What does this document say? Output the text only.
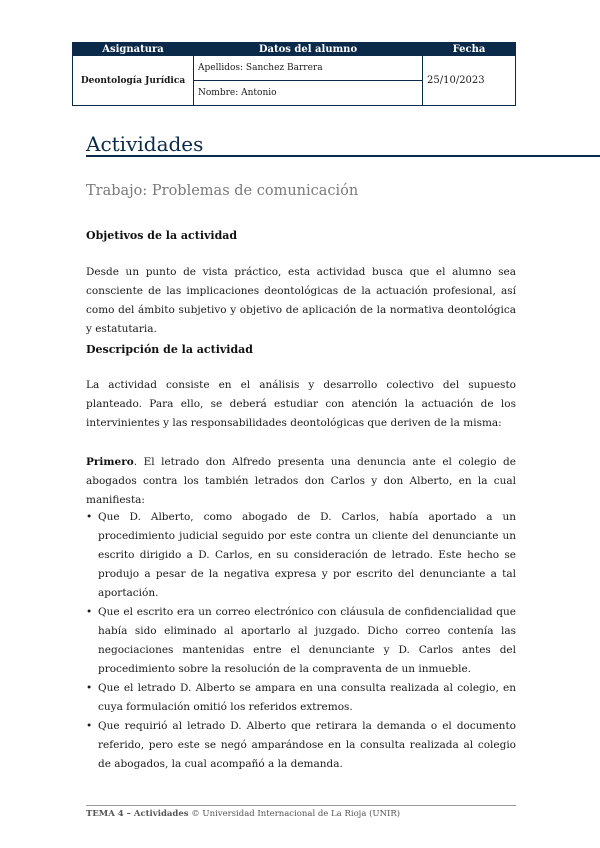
Asignatura	Datos del alumno	Fecha
Deontología Jurídica	Apellidos: Sanchez Barrera	25/10/2023
	Nombre: Antonio	
Actividades
Trabajo: Problemas de comunicación
Objetivos de la actividad

Desde un punto de vista práctico, esta actividad busca que el alumno sea consciente de las implicaciones deontológicas de la actuación profesional, así como del ámbito subjetivo y objetivo de aplicación de la normativa deontológica y estatutaria.

Descripción de la actividad

La actividad consiste en el análisis y desarrollo colectivo del supuesto planteado. Para ello, se deberá estudiar con atención la actuación de los intervinientes y las responsabilidades deontológicas que deriven de la misma:

Primero. El letrado don Alfredo presenta una denuncia ante el colegio de abogados contra los también letrados don Carlos y don Alberto, en la cual manifiesta:

• Que D. Alberto, como abogado de D. Carlos, había aportado a un procedimiento judicial seguido por este contra un cliente del denunciante un escrito dirigido a D. Carlos, en su consideración de letrado. Este hecho se produjo a pesar de la negativa expresa y por escrito del denunciante a tal aportación.
• Que el escrito era un correo electrónico con cláusula de confidencialidad que había sido eliminado al aportarlo al juzgado. Dicho correo contenía las negociaciones mantenidas entre el denunciante y D. Carlos antes del procedimiento sobre la resolución de la compraventa de un inmueble.
• Que el letrado D. Alberto se ampara en una consulta realizada al colegio, en cuya formulación omitió los referidos extremos.
• Que requirió al letrado D. Alberto que retirara la demanda o el documento referido, pero este se negó amparándose en la consulta realizada al colegio de abogados, la cual acompañó a la demanda.
TEMA 4 – Actividades © Universidad Internacional de La Rioja (UNIR)
